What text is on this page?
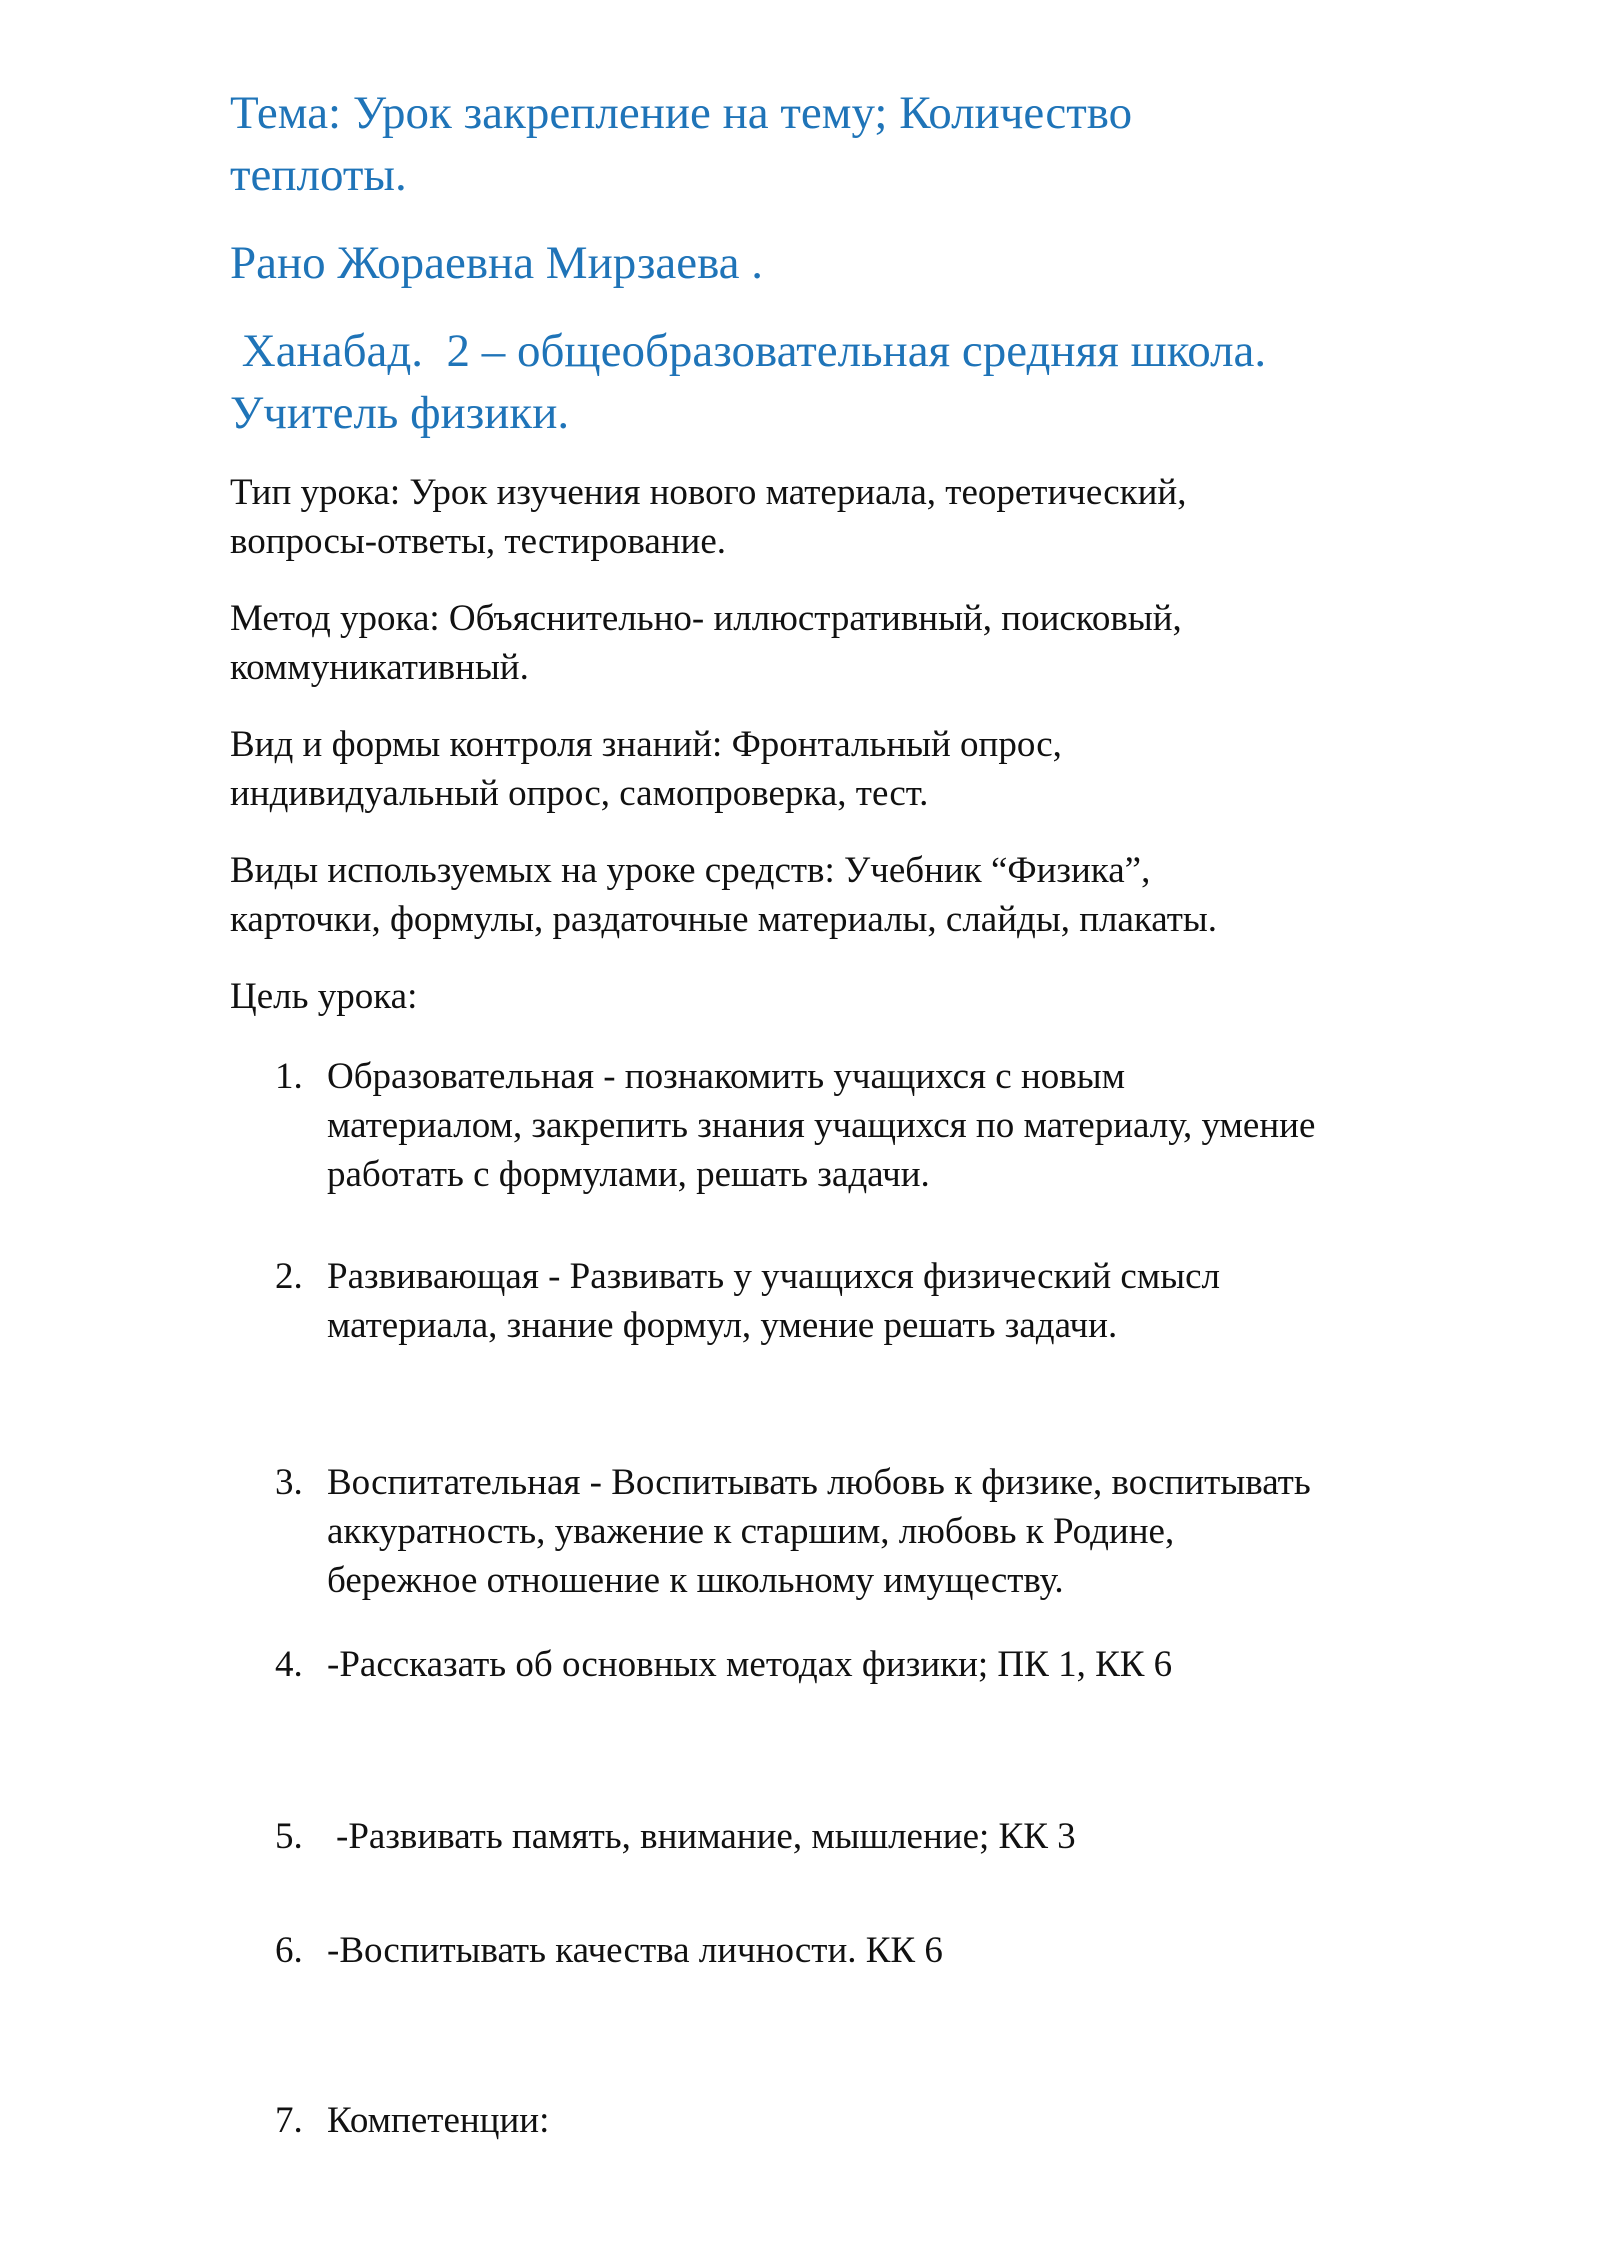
Тема: Урок закрепление на тему; Количество
теплоты.

Рано Жораевна Мирзаева .

Ханабад.  2 – общеобразовательная средняя школа.
Учитель физики.

Тип урока: Урок изучения нового материала, теоретический,
вопросы-ответы, тестирование.

Метод урока: Объяснительно- иллюстративный, поисковый,
коммуникативный.

Вид и формы контроля знаний: Фронтальный опрос,
индивидуальный опрос, самопроверка, тест.

Виды используемых на уроке средств: Учебник “Физика”,
карточки, формулы, раздаточные материалы, слайды, плакаты.

Цель урока:

1. Образовательная - познакомить учащихся с новым
материалом, закрепить знания учащихся по материалу, умение
работать с формулами, решать задачи.
2. Развивающая - Развивать у учащихся физический смысл
материала, знание формул, умение решать задачи.
3. Воспитательная - Воспитывать любовь к физике, воспитывать
аккуратность, уважение к старшим, любовь к Родине,
бережное отношение к школьному имуществу.
4. -Рассказать об основных методах физики; ПК 1, КК 6
5. -Развивать память, внимание, мышление; КК 3
6. -Воспитывать качества личности. КК 6
7. Компетенции:
